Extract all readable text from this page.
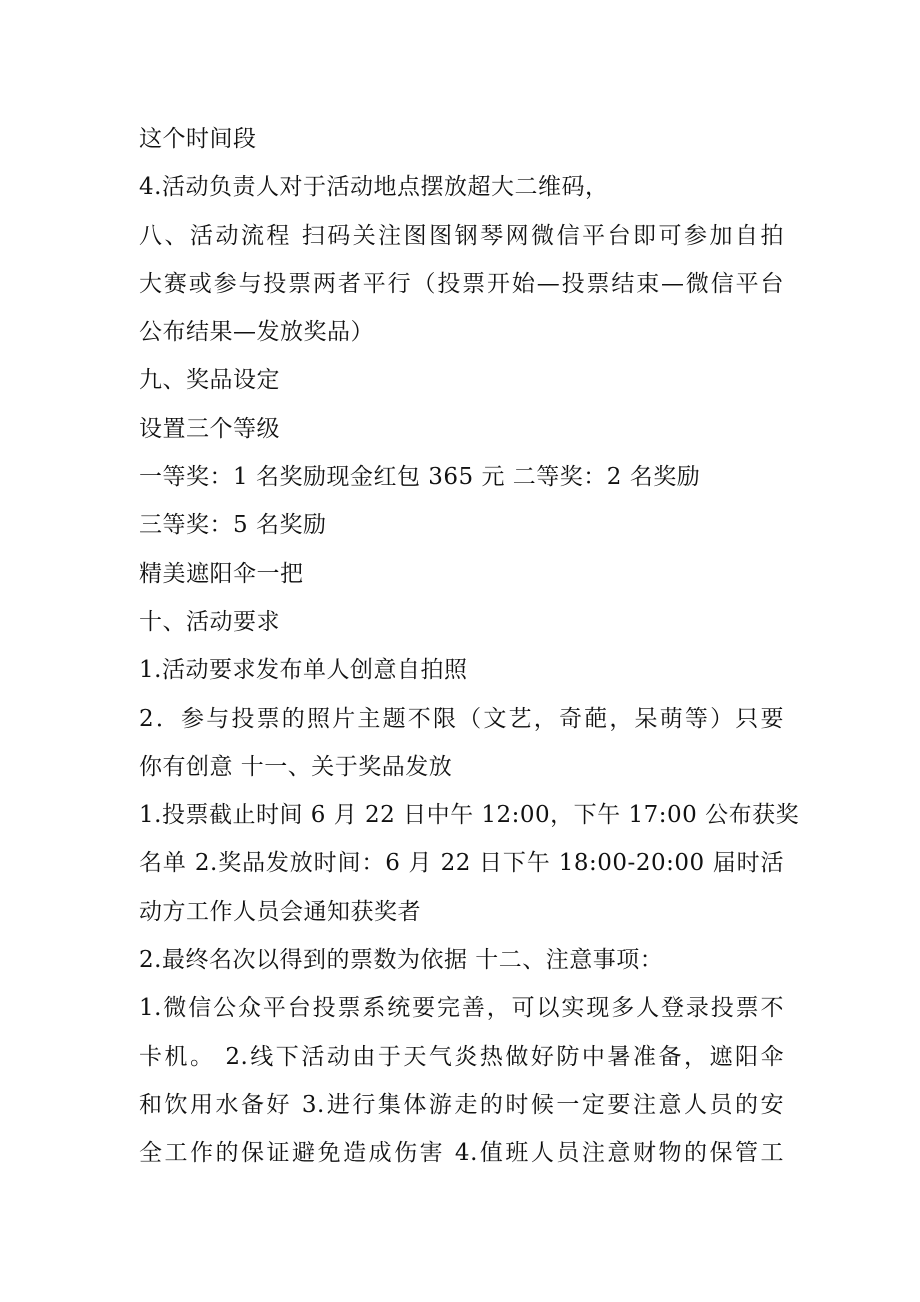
这个时间段
4.活动负责人对于活动地点摆放超大二维码，
八、活动流程 扫码关注图图钢琴网微信平台即可参加自拍
大赛或参与投票两者平行（投票开始—投票结束—微信平台
公布结果—发放奖品）
九、奖品设定
设置三个等级
一等奖：1 名奖励现金红包 365 元 二等奖：2 名奖励
三等奖：5 名奖励
精美遮阳伞一把
十、活动要求
1.活动要求发布单人创意自拍照
2．参与投票的照片主题不限（文艺，奇葩，呆萌等）只要
你有创意 十一、关于奖品发放
1.投票截止时间 6 月 22 日中午 12:00，下午 17:00 公布获奖
名单 2.奖品发放时间：6 月 22 日下午 18:00-20:00 届时活
动方工作人员会通知获奖者
2.最终名次以得到的票数为依据 十二、注意事项：
1.微信公众平台投票系统要完善，可以实现多人登录投票不
卡机。 2.线下活动由于天气炎热做好防中暑准备，遮阳伞
和饮用水备好 3.进行集体游走的时候一定要注意人员的安
全工作的保证避免造成伤害 4.值班人员注意财物的保管工
